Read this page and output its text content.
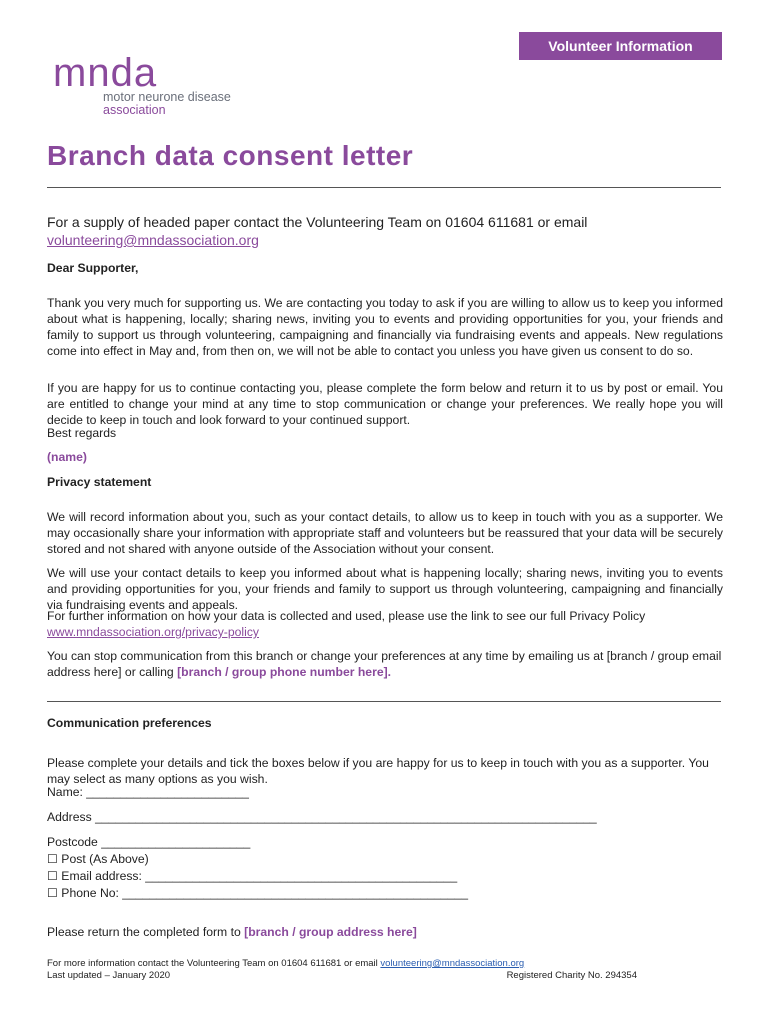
Volunteer Information
mnda
motor neurone disease
association
Branch data consent letter
For a supply of headed paper contact the Volunteering Team on 01604 611681 or email
volunteering@mndassociation.org
Dear Supporter,

Thank you very much for supporting us. We are contacting you today to ask if you are willing to allow us to keep you informed about what is happening, locally; sharing news, inviting you to events and providing opportunities for you, your friends and family to support us through volunteering, campaigning and financially via fundraising events and appeals. New regulations come into effect in May and, from then on, we will not be able to contact you unless you have given us consent to do so.

If you are happy for us to continue contacting you, please complete the form below and return it to us by post or email. You are entitled to change your mind at any time to stop communication or change your preferences. We really hope you will decide to keep in touch and look forward to your continued support.

Best regards
(name)
Privacy statement

We will record information about you, such as your contact details, to allow us to keep in touch with you as a supporter. We may occasionally share your information with appropriate staff and volunteers but be reassured that your data will be securely stored and not shared with anyone outside of the Association without your consent.

We will use your contact details to keep you informed about what is happening locally; sharing news, inviting you to events and providing opportunities for you, your friends and family to support us through volunteering, campaigning and financially via fundraising events and appeals.

For further information on how your data is collected and used, please use the link to see our full Privacy Policy
www.mndassociation.org/privacy-policy
You can stop communication from this branch or change your preferences at any time by emailing us at [branch / group email address here] or calling [branch / group phone number here].
Communication preferences

Please complete your details and tick the boxes below if you are happy for us to keep in touch with you as a supporter. You may select as many options as you wish.

Name: ________________________
Address __________________________________________________________________________
Postcode ______________________
☐ Post (As Above)
☐ Email address: ______________________________________________
☐ Phone No: ___________________________________________________
Please return the completed form to [branch / group address here]
For more information contact the Volunteering Team on 01604 611681 or email volunteering@mndassociation.org
Last updated – January 2020	Registered Charity No. 294354
